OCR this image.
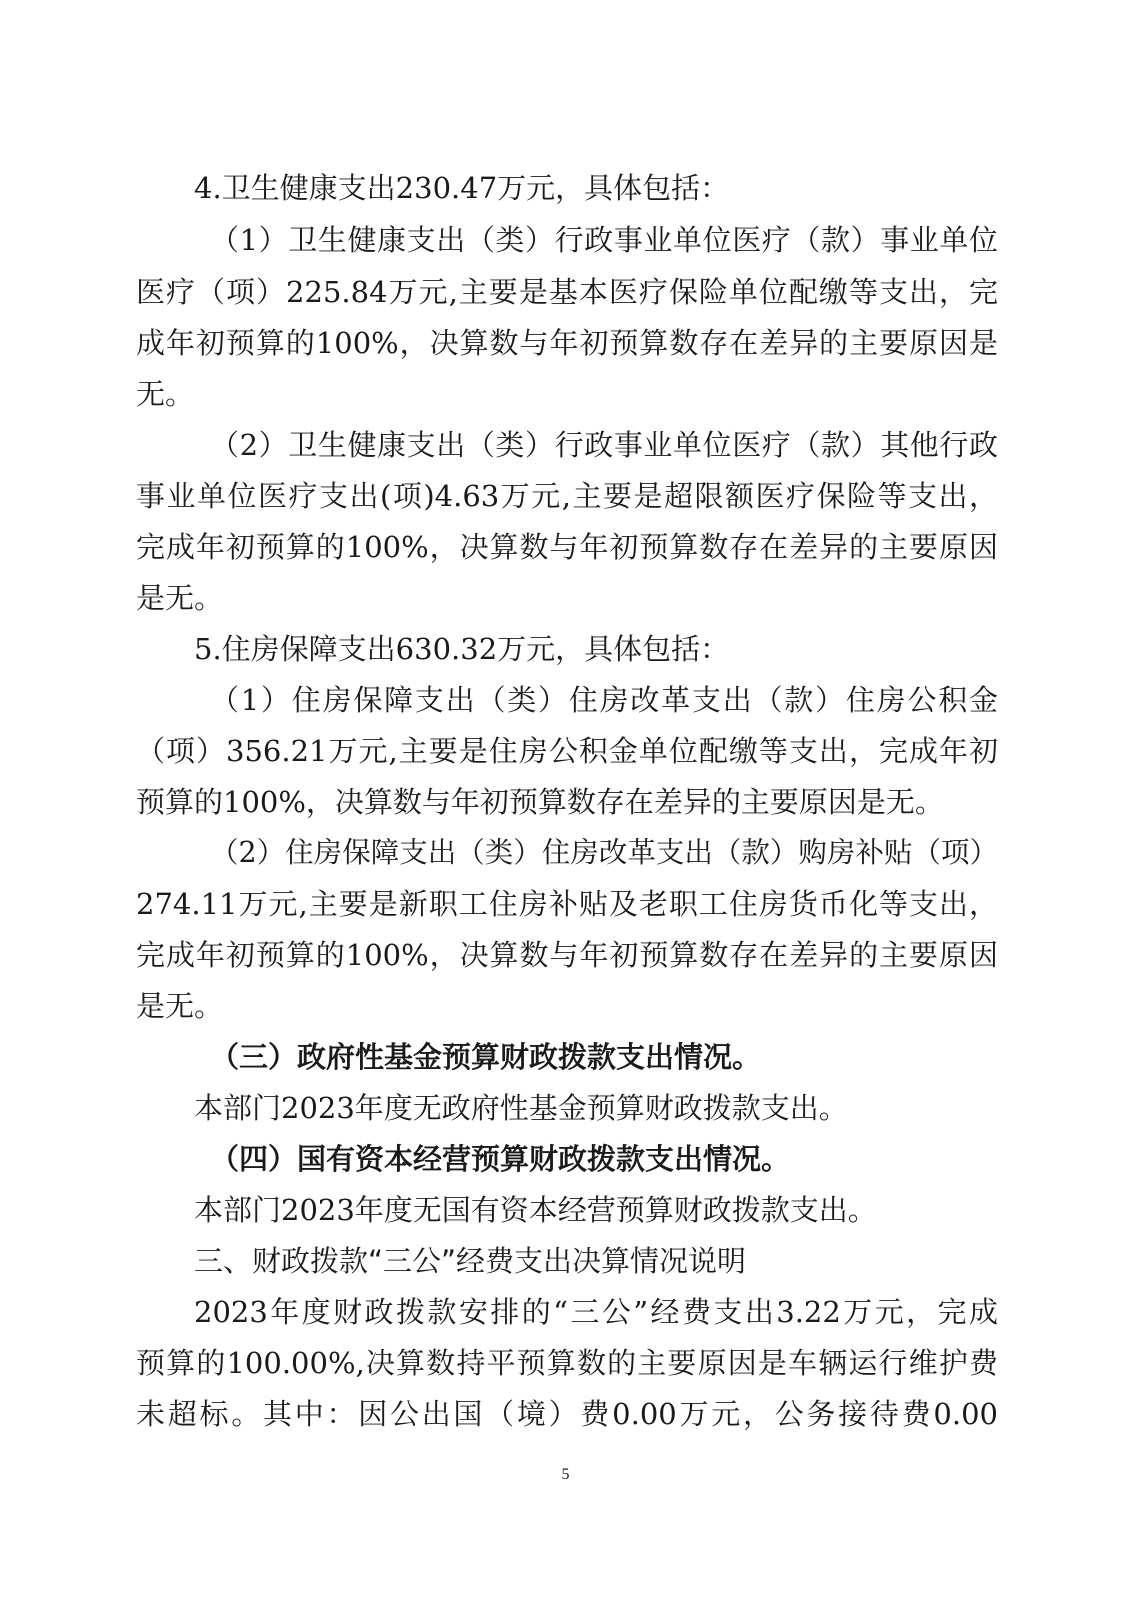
4.卫生健康支出230.47万元，具体包括：

（1）卫生健康支出（类）行政事业单位医疗（款）事业单位

医疗（项）225.84万元,主要是基本医疗保险单位配缴等支出，完

成年初预算的100%，决算数与年初预算数存在差异的主要原因是

无。

（2）卫生健康支出（类）行政事业单位医疗（款）其他行政

事业单位医疗支出(项)4.63万元,主要是超限额医疗保险等支出，

完成年初预算的100%，决算数与年初预算数存在差异的主要原因

是无。

5.住房保障支出630.32万元，具体包括：

（1）住房保障支出（类）住房改革支出（款）住房公积金

（项）356.21万元,主要是住房公积金单位配缴等支出，完成年初

预算的100%，决算数与年初预算数存在差异的主要原因是无。

（2）住房保障支出（类）住房改革支出（款）购房补贴（项）

274.11万元,主要是新职工住房补贴及老职工住房货币化等支出，

完成年初预算的100%，决算数与年初预算数存在差异的主要原因

是无。

（三）政府性基金预算财政拨款支出情况。

本部门2023年度无政府性基金预算财政拨款支出。

（四）国有资本经营预算财政拨款支出情况。

本部门2023年度无国有资本经营预算财政拨款支出。

三、财政拨款“三公”经费支出决算情况说明

2023年度财政拨款安排的“三公”经费支出3.22万元，完成

预算的100.00%,决算数持平预算数的主要原因是车辆运行维护费

未超标。其中：因公出国（境）费0.00万元，公务接待费0.00

5
